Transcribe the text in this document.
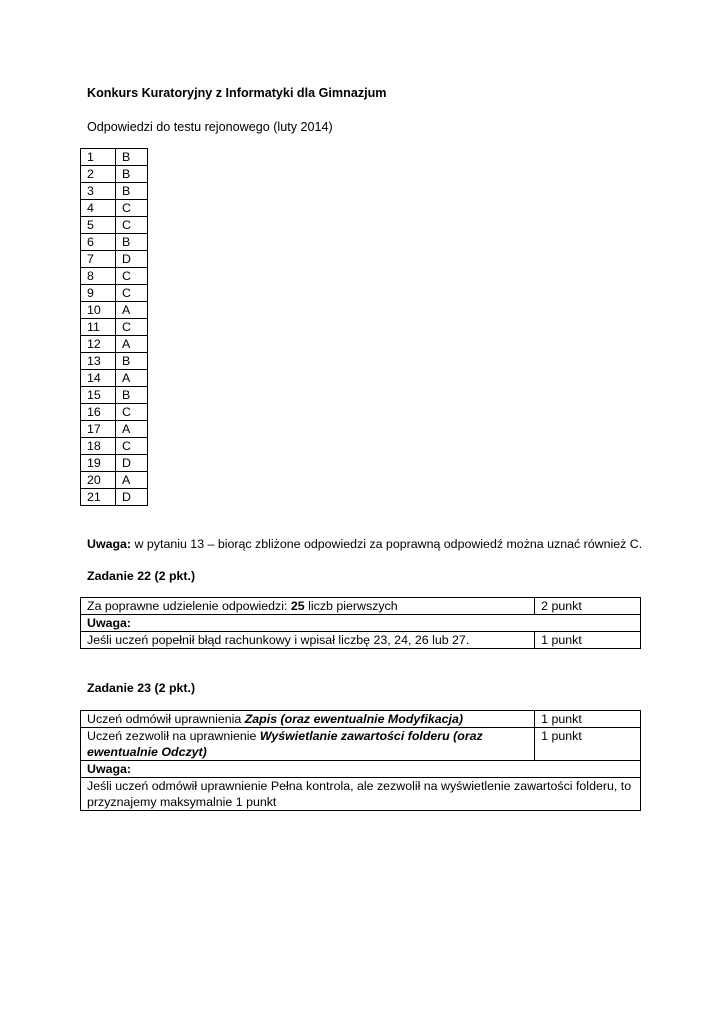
Konkurs Kuratoryjny z Informatyki dla Gimnazjum
Odpowiedzi do testu rejonowego (luty 2014)
1	B
2	B
3	B
4	C
5	C
6	B
7	D
8	C
9	C
10	A
11	C
12	A
13	B
14	A
15	B
16	C
17	A
18	C
19	D
20	A
21	D
Uwaga: w pytaniu 13 – biorąc zbliżone odpowiedzi za poprawną odpowiedź można uznać również C.
Zadanie 22 (2 pkt.)
Za poprawne udzielenie odpowiedzi: 25 liczb pierwszych	2 punkt
Uwaga:	
Jeśli uczeń popełnił błąd rachunkowy i wpisał liczbę 23, 24, 26 lub 27.	1 punkt
Zadanie 23 (2 pkt.)
Uczeń odmówił uprawnienia Zapis (oraz ewentualnie Modyfikacja)	1 punkt
Uczeń zezwolił na uprawnienie Wyświetlanie zawartości folderu (oraz ewentualnie Odczyt)	1 punkt
Uwaga:	
Jeśli uczeń odmówił uprawnienie Pełna kontrola, ale zezwolił na wyświetlenie zawartości folderu, to przyznajemy maksymalnie 1 punkt	
